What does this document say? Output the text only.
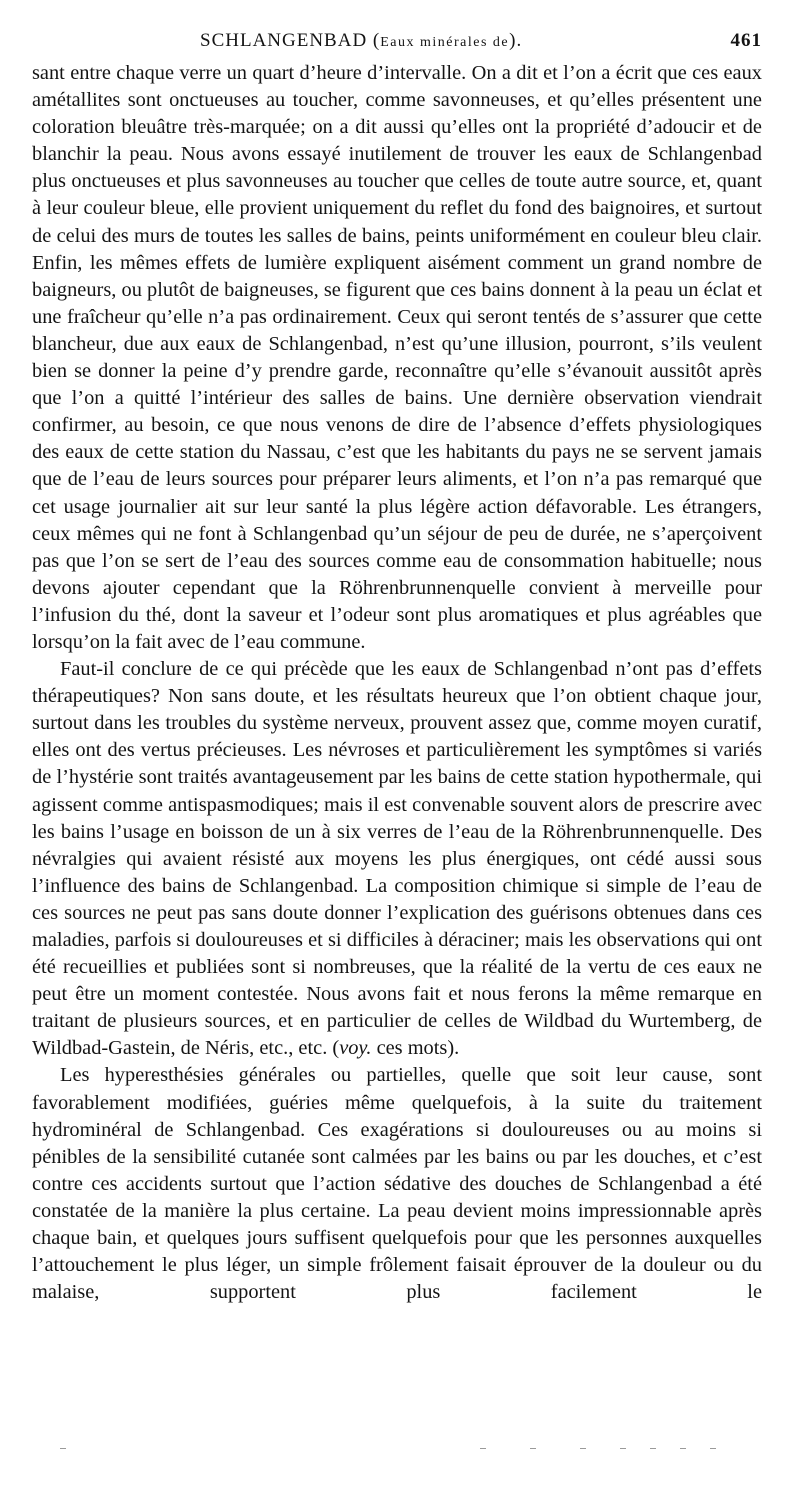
SCHLANGENBAD (Eaux minérales de).	461

sant entre chaque verre un quart d’heure d’intervalle. On a dit et l’on a écrit que ces eaux amétallites sont onctueuses au toucher, comme savonneuses, et qu’elles présentent une coloration bleuâtre très-marquée; on a dit aussi qu’elles ont la propriété d’adoucir et de blanchir la peau. Nous avons essayé inutilement de trouver les eaux de Schlangenbad plus onctueuses et plus savonneuses au toucher que celles de toute autre source, et, quant à leur couleur bleue, elle provient uniquement du reflet du fond des baignoires, et surtout de celui des murs de toutes les salles de bains, peints uniformément en couleur bleu clair. Enfin, les mêmes effets de lumière expliquent aisément comment un grand nombre de baigneurs, ou plutôt de baigneuses, se figurent que ces bains donnent à la peau un éclat et une fraîcheur qu’elle n’a pas ordinairement. Ceux qui seront tentés de s’assurer que cette blancheur, due aux eaux de Schlangenbad, n’est qu’une illusion, pourront, s’ils veulent bien se donner la peine d’y prendre garde, reconnaître qu’elle s’évanouit aussitôt après que l’on a quitté l’intérieur des salles de bains. Une dernière observation viendrait confirmer, au besoin, ce que nous venons de dire de l’absence d’effets physiologiques des eaux de cette station du Nassau, c’est que les habitants du pays ne se servent jamais que de l’eau de leurs sources pour préparer leurs aliments, et l’on n’a pas remarqué que cet usage journalier ait sur leur santé la plus légère action défavorable. Les étrangers, ceux mêmes qui ne font à Schlangenbad qu’un séjour de peu de durée, ne s’aperçoivent pas que l’on se sert de l’eau des sources comme eau de consommation habituelle; nous devons ajouter cependant que la Röhrenbrunnenquelle convient à merveille pour l’infusion du thé, dont la saveur et l’odeur sont plus aromatiques et plus agréables que lorsqu’on la fait avec de l’eau commune.

Faut-il conclure de ce qui précède que les eaux de Schlangenbad n’ont pas d’effets thérapeutiques? Non sans doute, et les résultats heureux que l’on obtient chaque jour, surtout dans les troubles du système nerveux, prouvent assez que, comme moyen curatif, elles ont des vertus précieuses. Les névroses et particulièrement les symptômes si variés de l’hystérie sont traités avantageusement par les bains de cette station hypothermale, qui agissent comme antispasmodiques; mais il est convenable souvent alors de prescrire avec les bains l’usage en boisson de un à six verres de l’eau de la Röhrenbrunnenquelle. Des névralgies qui avaient résisté aux moyens les plus énergiques, ont cédé aussi sous l’influence des bains de Schlangenbad. La composition chimique si simple de l’eau de ces sources ne peut pas sans doute donner l’explication des guérisons obtenues dans ces maladies, parfois si douloureuses et si difficiles à déraciner; mais les observations qui ont été recueillies et publiées sont si nombreuses, que la réalité de la vertu de ces eaux ne peut être un moment contestée. Nous avons fait et nous ferons la même remarque en traitant de plusieurs sources, et en particulier de celles de Wildbad du Wurtemberg, de Wildbad-Gastein, de Néris, etc., etc. (voy. ces mots).

Les hyperesthésies générales ou partielles, quelle que soit leur cause, sont favorablement modifiées, guéries même quelquefois, à la suite du traitement hydrominéral de Schlangenbad. Ces exagérations si douloureuses ou au moins si pénibles de la sensibilité cutanée sont calmées par les bains ou par les douches, et c’est contre ces accidents surtout que l’action sédative des douches de Schlangenbad a été constatée de la manière la plus certaine. La peau devient moins impressionnable après chaque bain, et quelques jours suffisent quelquefois pour que les personnes auxquelles l’attouchement le plus léger, un simple frôlement faisait éprouver de la douleur ou du malaise, supportent plus facilement le
